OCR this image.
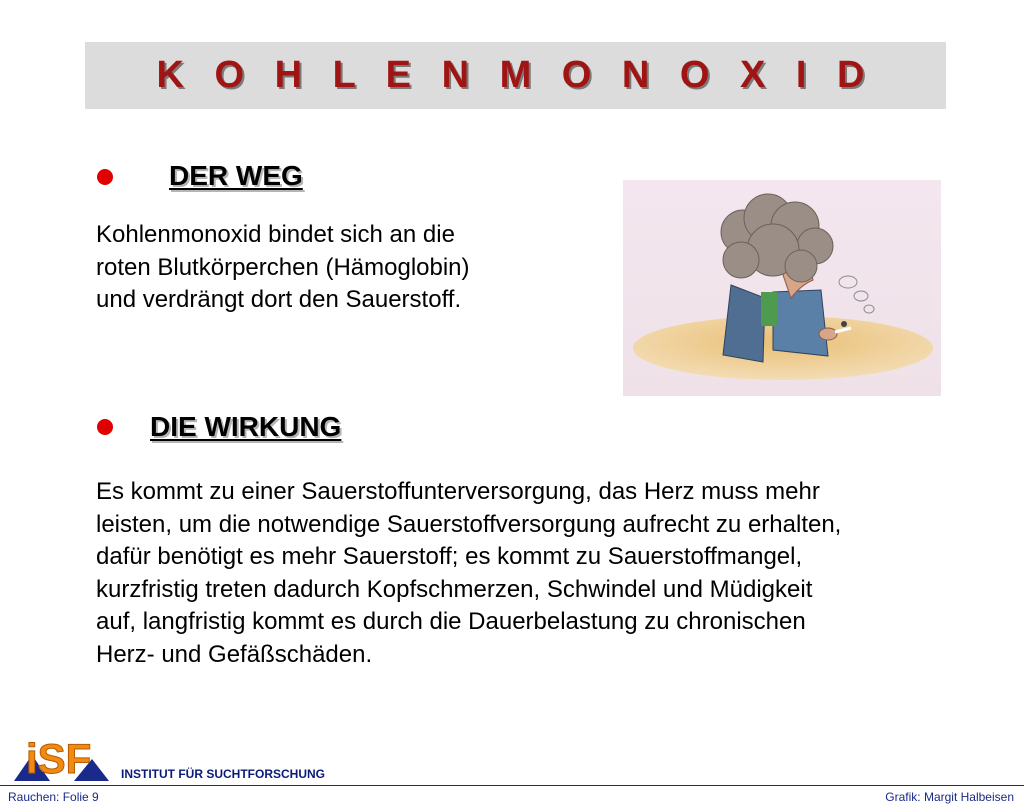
K O H L E N M O N O X I D
DER WEG
Kohlenmonoxid bindet sich an die
roten Blutkörperchen (Hämoglobin)
und verdrängt dort den Sauerstoff.
DIE WIRKUNG
Es kommt zu einer Sauerstoffunterversorgung, das Herz muss mehr
leisten, um die notwendige Sauerstoffversorgung aufrecht zu erhalten,
dafür benötigt es mehr Sauerstoff; es kommt zu Sauerstoffmangel,
kurzfristig treten dadurch Kopfschmerzen, Schwindel und Müdigkeit
auf, langfristig kommt es durch die Dauerbelastung zu chronischen
Herz- und Gefäßschäden.
iSF INSTITUT FÜR SUCHTFORSCHUNG
Rauchen: Folie 9	Grafik: Margit Halbeisen
